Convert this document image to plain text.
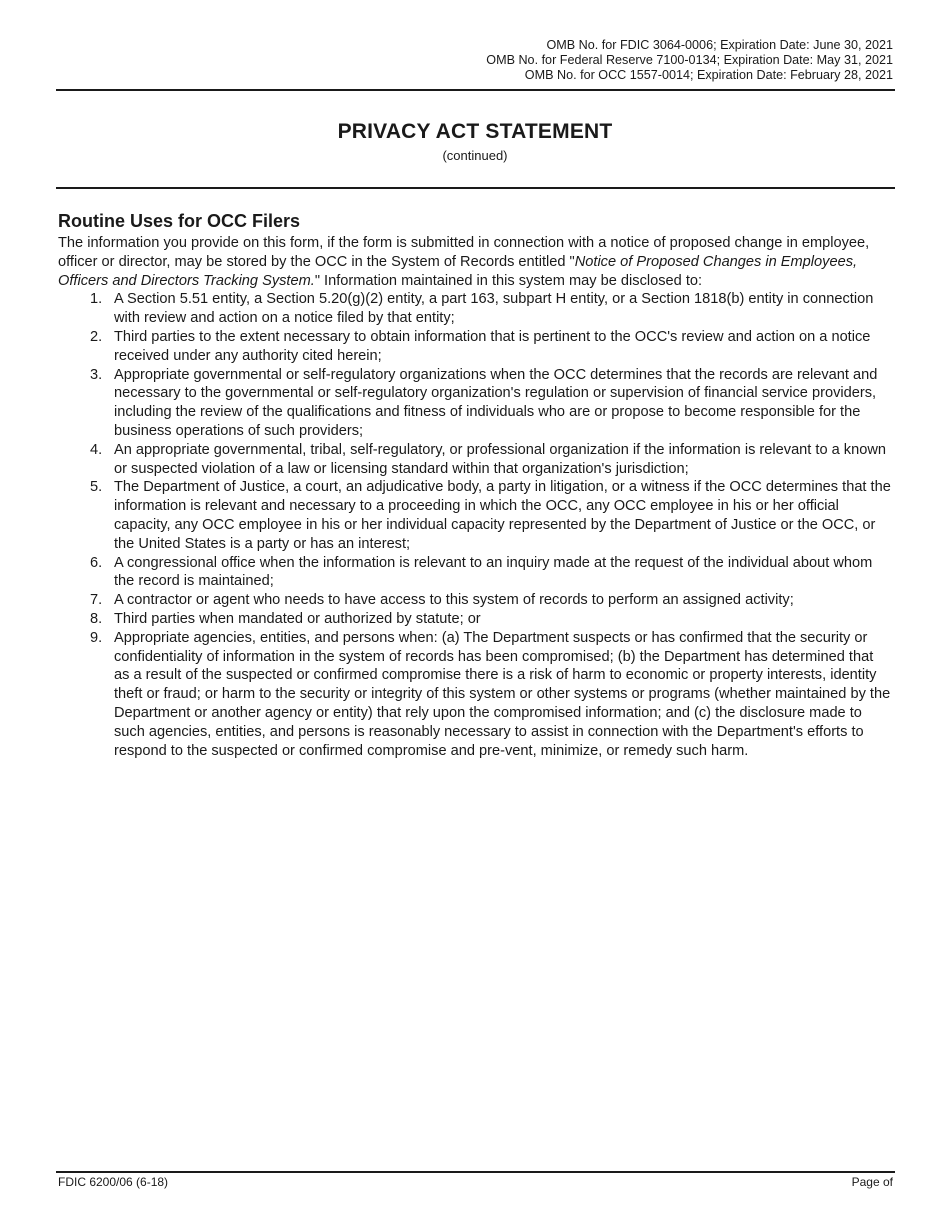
OMB No. for FDIC 3064-0006; Expiration Date: June 30, 2021
OMB No. for Federal Reserve 7100-0134; Expiration Date: May 31, 2021
OMB No. for OCC 1557-0014; Expiration Date: February 28, 2021
PRIVACY ACT STATEMENT
(continued)
Routine Uses for OCC Filers

The information you provide on this form, if the form is submitted in connection with a notice of proposed change in employee, officer or director, may be stored by the OCC in the System of Records entitled "Notice of Proposed Changes in Employees, Officers and Directors Tracking System." Information maintained in this system may be disclosed to:

1. A Section 5.51 entity, a Section 5.20(g)(2) entity, a part 163, subpart H entity, or a Section 1818(b) entity in connection with review and action on a notice filed by that entity;
2. Third parties to the extent necessary to obtain information that is pertinent to the OCC's review and action on a notice received under any authority cited herein;
3. Appropriate governmental or self-regulatory organizations when the OCC determines that the records are relevant and necessary to the governmental or self-regulatory organization's regulation or supervision of financial service providers, including the review of the qualifications and fitness of individuals who are or propose to become responsible for the business operations of such providers;
4. An appropriate governmental, tribal, self-regulatory, or professional organization if the information is relevant to a known or suspected violation of a law or licensing standard within that organization's jurisdiction;
5. The Department of Justice, a court, an adjudicative body, a party in litigation, or a witness if the OCC determines that the information is relevant and necessary to a proceeding in which the OCC, any OCC employee in his or her official capacity, any OCC employee in his or her individual capacity represented by the Department of Justice or the OCC, or the United States is a party or has an interest;
6. A congressional office when the information is relevant to an inquiry made at the request of the individual about whom the record is maintained;
7. A contractor or agent who needs to have access to this system of records to perform an assigned activity;
8. Third parties when mandated or authorized by statute; or
9. Appropriate agencies, entities, and persons when: (a) The Department suspects or has confirmed that the security or confidentiality of information in the system of records has been compromised; (b) the Department has determined that as a result of the suspected or confirmed compromise there is a risk of harm to economic or property interests, identity theft or fraud; or harm to the security or integrity of this system or other systems or programs (whether maintained by the Department or another agency or entity) that rely upon the compromised information; and (c) the disclosure made to such agencies, entities, and persons is reasonably necessary to assist in connection with the Department's efforts to respond to the suspected or confirmed compromise and pre-vent, minimize, or remedy such harm.
FDIC 6200/06 (6-18)	Page of
